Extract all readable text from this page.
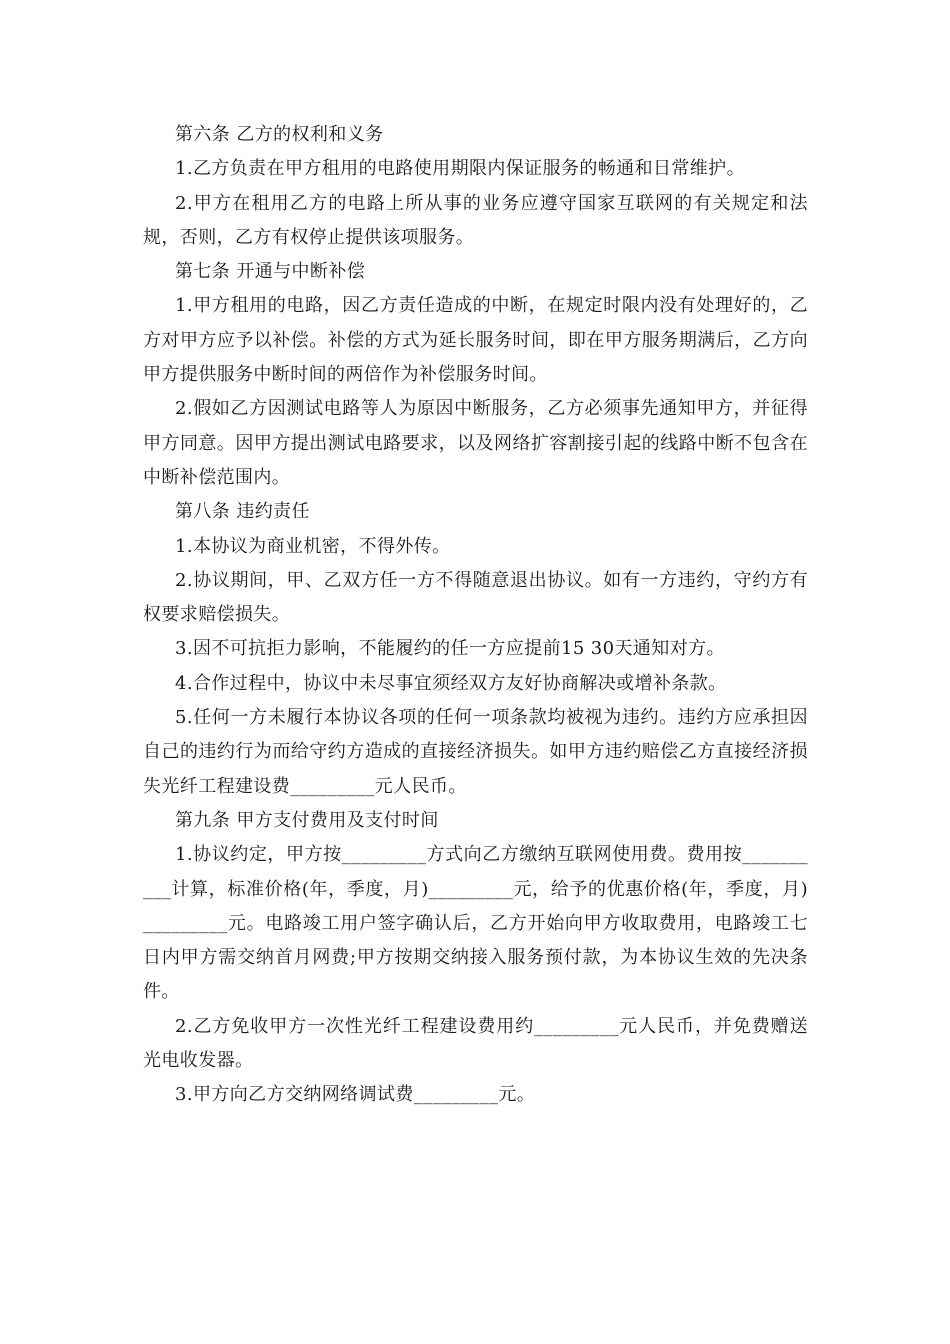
第六条 乙方的权利和义务

1.乙方负责在甲方租用的电路使用期限内保证服务的畅通和日常维护。

2.甲方在租用乙方的电路上所从事的业务应遵守国家互联网的有关规定和法规，否则，乙方有权停止提供该项服务。

第七条 开通与中断补偿

1.甲方租用的电路，因乙方责任造成的中断，在规定时限内没有处理好的，乙方对甲方应予以补偿。补偿的方式为延长服务时间，即在甲方服务期满后，乙方向甲方提供服务中断时间的两倍作为补偿服务时间。

2.假如乙方因测试电路等人为原因中断服务，乙方必须事先通知甲方，并征得甲方同意。因甲方提出测试电路要求，以及网络扩容割接引起的线路中断不包含在中断补偿范围内。

第八条 违约责任

1.本协议为商业机密，不得外传。

2.协议期间，甲、乙双方任一方不得随意退出协议。如有一方违约，守约方有权要求赔偿损失。

3.因不可抗拒力影响，不能履约的任一方应提前15 30天通知对方。

4.合作过程中，协议中未尽事宜须经双方友好协商解决或增补条款。

5.任何一方未履行本协议各项的任何一项条款均被视为违约。违约方应承担因自己的违约行为而给守约方造成的直接经济损失。如甲方违约赔偿乙方直接经济损失光纤工程建设费_________元人民币。

第九条 甲方支付费用及支付时间

1.协议约定，甲方按_________方式向乙方缴纳互联网使用费。费用按__________计算，标准价格(年，季度，月)_________元，给予的优惠价格(年，季度，月)_________元。电路竣工用户签字确认后，乙方开始向甲方收取费用，电路竣工七日内甲方需交纳首月网费;甲方按期交纳接入服务预付款，为本协议生效的先决条件。

2.乙方免收甲方一次性光纤工程建设费用约_________元人民币，并免费赠送光电收发器。

3.甲方向乙方交纳网络调试费_________元。
